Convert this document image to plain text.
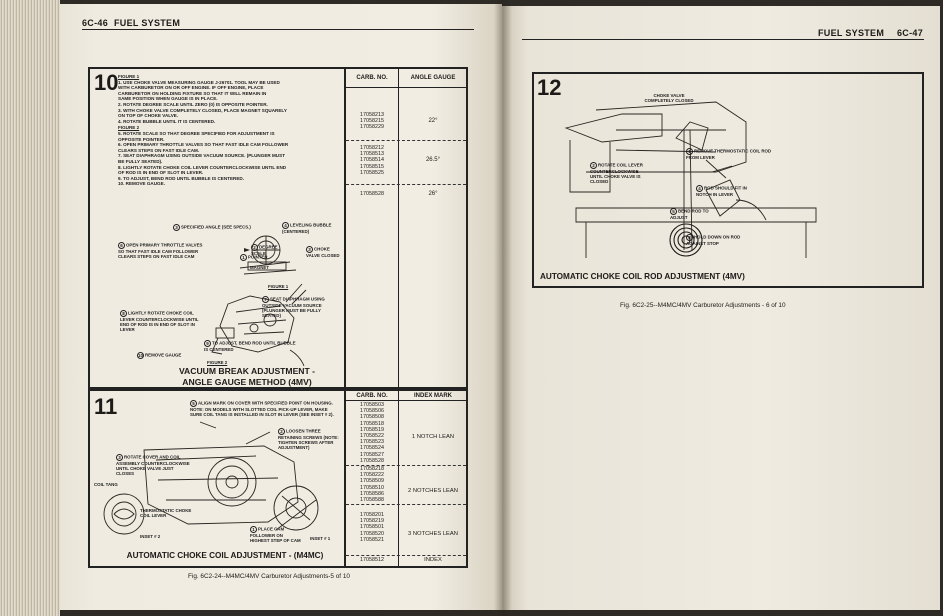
6C-46 FUEL SYSTEM
10 FIGURE 1
1. USE CHOKE VALVE MEASURING GAUGE J-26701. TOOL MAY BE USED
WITH CARBURETOR ON OR OFF ENGINE. IF OFF ENGINE, PLACE
CARBURETOR ON HOLDING FIXTURE SO THAT IT WILL REMAIN IN
SAME POSITION WHEN GAUGE IS IN PLACE.
2. ROTATE DEGREE SCALE UNTIL ZERO (0) IS OPPOSITE POINTER.
3. WITH CHOKE VALVE COMPLETELY CLOSED, PLACE MAGNET SQUARELY
ON TOP OF CHOKE VALVE.
4. ROTATE BUBBLE UNTIL IT IS CENTERED.
FIGURE 2
5. ROTATE SCALE SO THAT DEGREE SPECIFIED FOR ADJUSTMENT IS
OPPOSITE POINTER.
6. OPEN PRIMARY THROTTLE VALVES SO THAT FAST IDLE CAM FOLLOWER
CLEARS STEPS ON FAST IDLE CAM.
7. SEAT DIAPHRAGM USING OUTSIDE VACUUM SOURCE. (PLUNGER MUST
BE FULLY SEATED).
8. LIGHTLY ROTATE CHOKE COIL LEVER COUNTERCLOCKWISE UNTIL END
OF ROD IS IN END OF SLOT IN LEVER.
9. TO ADJUST, BEND ROD UNTIL BUBBLE IS CENTERED.
10. REMOVE GAUGE.
3 SPECIFIED ANGLE (SEE SPECS.)	4 LEVELING BUBBLE (CENTERED)
2 DEGREE SCALE
1 POINTER
3 CHOKE VALVE CLOSED
MAGNET
6 OPEN PRIMARY THROTTLE VALVES SO THAT FAST IDLE CAM FOLLOWER CLEARS STEPS ON FAST IDLE CAM
FIGURE 1
7 SEAT DIAPHRAGM USING OUTSIDE VACUUM SOURCE (PLUNGER MUST BE FULLY SEATED)
8 LIGHTLY ROTATE CHOKE COIL LEVER COUNTERCLOCKWISE UNTIL END OF ROD IS IN END OF SLOT IN LEVER
9 TO ADJUST, BEND ROD UNTIL BUBBLE IS CENTERED
10 REMOVE GAUGE
FIGURE 2
VACUUM BREAK ADJUSTMENT -
ANGLE GAUGE METHOD (4MV)
CARB. NO.	ANGLE GAUGE
17058213
17058215
17058229
22°
17058212
17058513
17058514
17058515
17058525
26.5°
17058528	26°
11	5 ALIGN MARK ON COVER WITH SPECIFIED POINT ON HOUSING. NOTE: ON MODELS WITH SLOTTED COIL PICK-UP LEVER, MAKE SURE COIL TANG IS INSTALLED IN SLOT IN LEVER (SEE INSET # 2).
2 LOOSEN THREE RETAINING SCREWS (NOTE: TIGHTEN SCREWS AFTER ADJUSTMENT)
3 ROTATE COVER AND COIL ASSEMBLY COUNTERCLOCKWISE UNTIL CHOKE VALVE JUST CLOSES
COIL TANG
THERMOSTATIC CHOKE COIL LEVER
INSET # 2
1 PLACE CAM FOLLOWER ON HIGHEST STEP OF CAM	INSET # 1
AUTOMATIC CHOKE COIL ADJUSTMENT - (M4MC)
CARB. NO.	INDEX MARK
17058503
17058506
17058508
17058518
17058519
17058522
17058523
17058524
17058527
17058528
1 NOTCH LEAN
17058218
17058222
17058509
17058510
17058586
17058588
2 NOTCHES LEAN
17058201
17058219
17058501
17058520
17058521
3 NOTCHES LEAN
17058512	INDEX
Fig. 6C2-24--M4MC/4MV Carburetor Adjustments-5 of 10
FUEL SYSTEM 6C-47
12	CHOKE VALVE COMPLETELY CLOSED
1 REMOVE THERMOSTATIC COIL ROD FROM LEVER
2 ROTATE COIL LEVER COUNTERCLOCKWISE UNTIL CHOKE VALVE IS CLOSED
4 ROD SHOULD FIT IN NOTCH IN LEVER
5 BEND ROD TO ADJUST
3 HOLD DOWN ON ROD AGAINST STOP
AUTOMATIC CHOKE COIL ROD ADJUSTMENT (4MV)
Fig. 6C2-25--M4MC/4MV Carburetor Adjustments - 6 of 10
